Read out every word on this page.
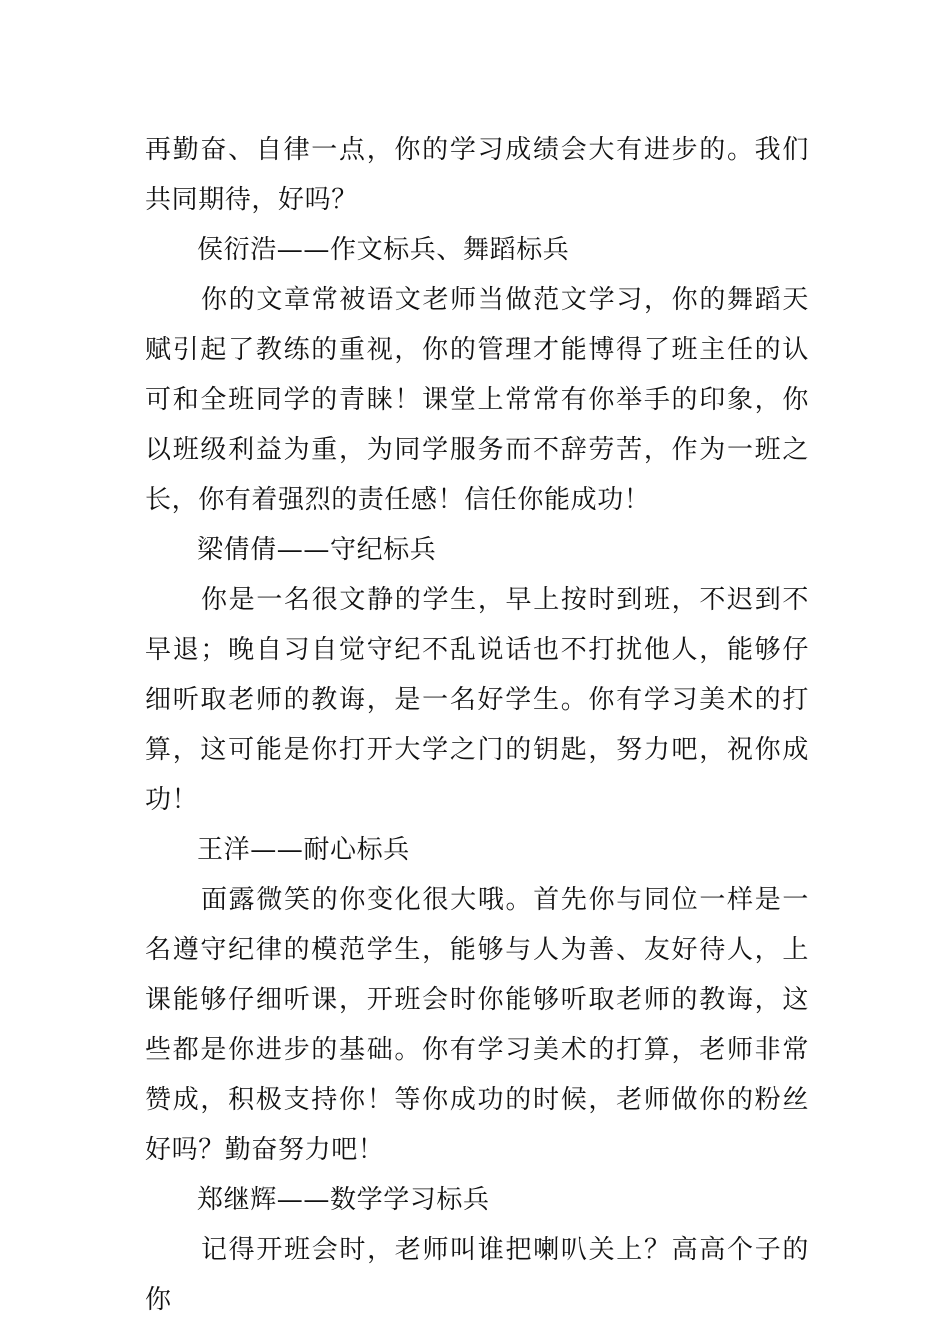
再勤奋、自律一点，你的学习成绩会大有进步的。我们共同期待，好吗？

侯衍浩——作文标兵、舞蹈标兵

你的文章常被语文老师当做范文学习，你的舞蹈天赋引起了教练的重视，你的管理才能博得了班主任的认可和全班同学的青睐！课堂上常常有你举手的印象，你以班级利益为重，为同学服务而不辞劳苦，作为一班之长，你有着强烈的责任感！信任你能成功！

梁倩倩——守纪标兵

你是一名很文静的学生，早上按时到班，不迟到不早退；晚自习自觉守纪不乱说话也不打扰他人，能够仔细听取老师的教诲，是一名好学生。你有学习美术的打算，这可能是你打开大学之门的钥匙，努力吧，祝你成功！

王洋——耐心标兵

面露微笑的你变化很大哦。首先你与同位一样是一名遵守纪律的模范学生，能够与人为善、友好待人，上课能够仔细听课，开班会时你能够听取老师的教诲，这些都是你进步的基础。你有学习美术的打算，老师非常赞成，积极支持你！等你成功的时候，老师做你的粉丝好吗？勤奋努力吧！

郑继辉——数学学习标兵

记得开班会时，老师叫谁把喇叭关上？高高个子的你
